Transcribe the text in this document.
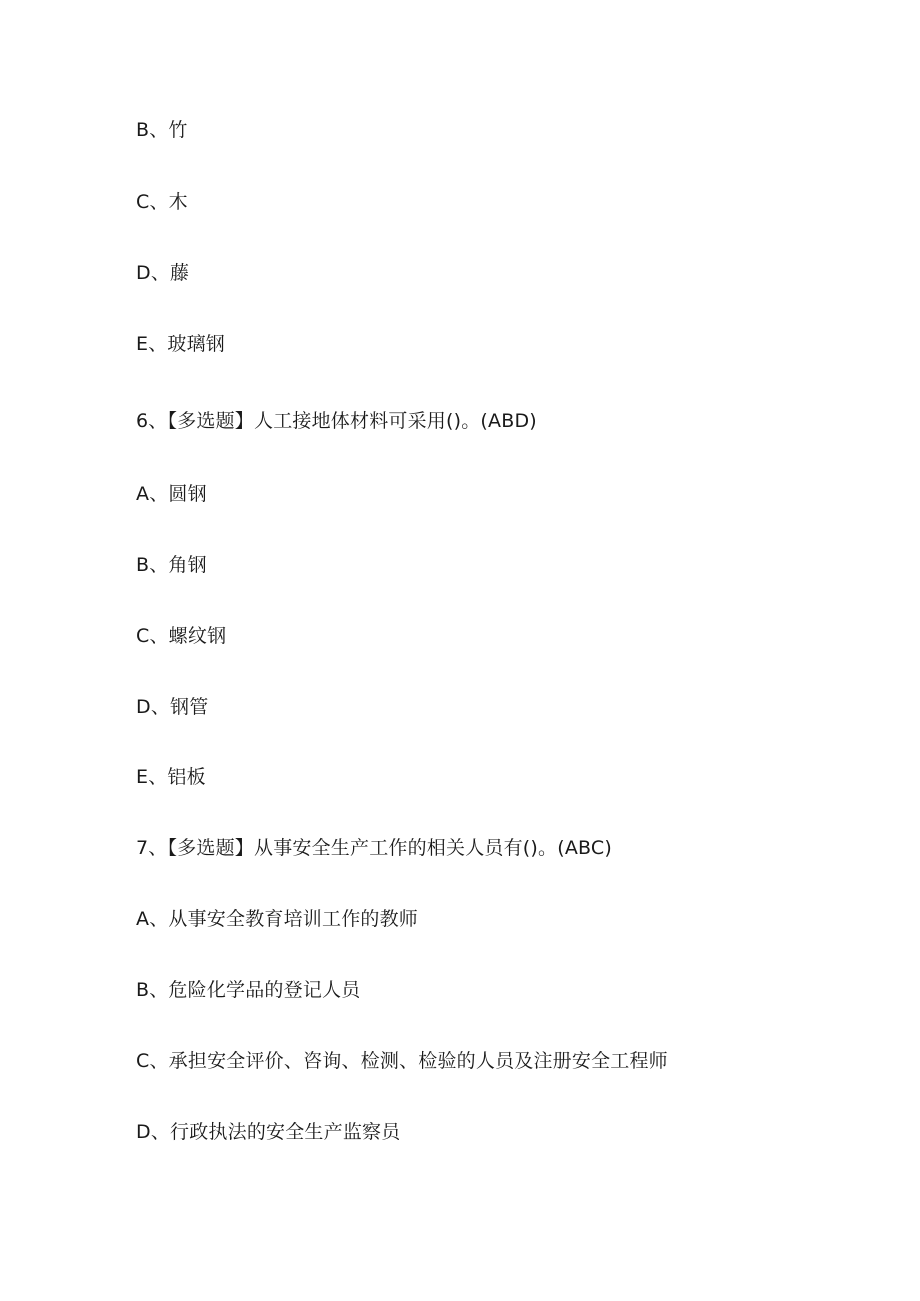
B、竹
C、木
D、藤
E、玻璃钢
6、【多选题】人工接地体材料可采用()。(ABD)
A、圆钢
B、角钢
C、螺纹钢
D、钢管
E、铝板
7、【多选题】从事安全生产工作的相关人员有()。(ABC)
A、从事安全教育培训工作的教师
B、危险化学品的登记人员
C、承担安全评价、咨询、检测、检验的人员及注册安全工程师
D、行政执法的安全生产监察员
